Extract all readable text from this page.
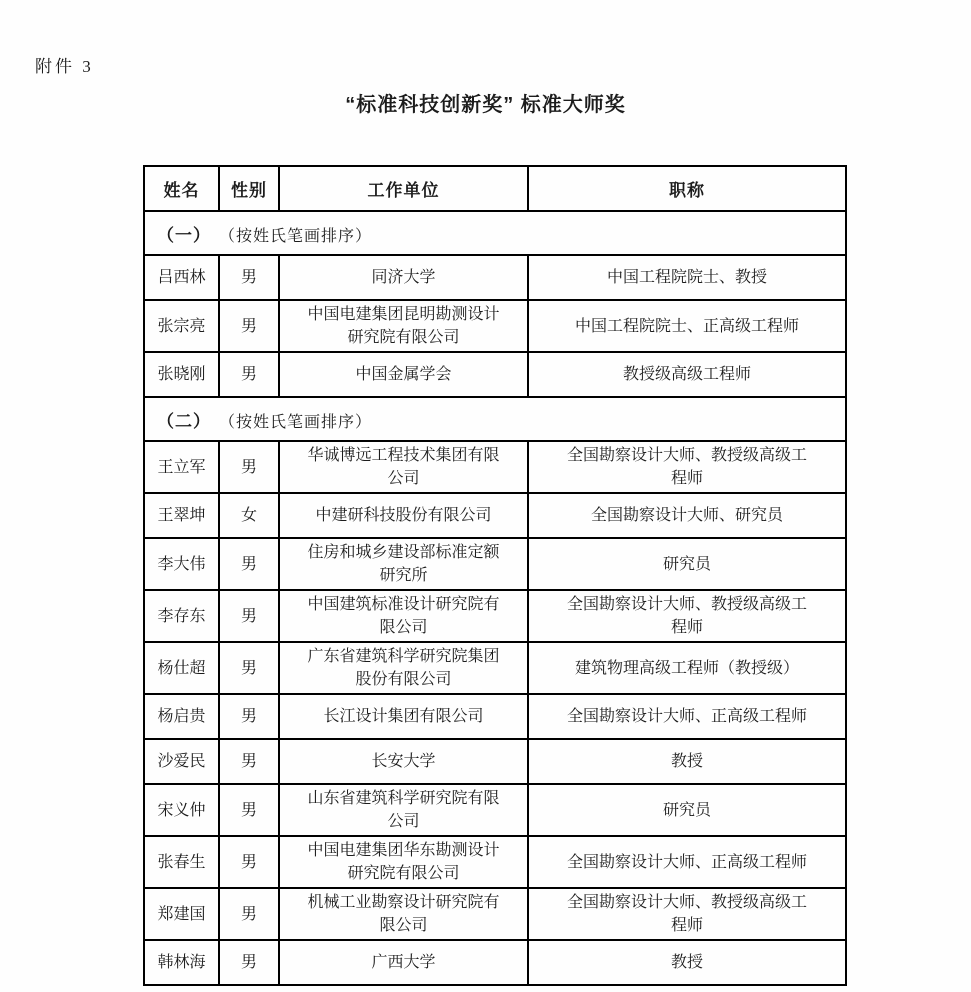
附件 3
“标准科技创新奖” 标准大师奖
姓名	性别	工作单位	职称
（一） （按姓氏笔画排序）			
吕西林	男	同济大学	中国工程院院士、教授
张宗亮	男	中国电建集团昆明勘测设计研究院有限公司	中国工程院院士、正高级工程师
张晓刚	男	中国金属学会	教授级高级工程师
（二） （按姓氏笔画排序）			
王立军	男	华诚博远工程技术集团有限公司	全国勘察设计大师、教授级高级工程师
王翠坤	女	中建研科技股份有限公司	全国勘察设计大师、研究员
李大伟	男	住房和城乡建设部标准定额研究所	研究员
李存东	男	中国建筑标准设计研究院有限公司	全国勘察设计大师、教授级高级工程师
杨仕超	男	广东省建筑科学研究院集团股份有限公司	建筑物理高级工程师（教授级）
杨启贵	男	长江设计集团有限公司	全国勘察设计大师、正高级工程师
沙爱民	男	长安大学	教授
宋义仲	男	山东省建筑科学研究院有限公司	研究员
张春生	男	中国电建集团华东勘测设计研究院有限公司	全国勘察设计大师、正高级工程师
郑建国	男	机械工业勘察设计研究院有限公司	全国勘察设计大师、教授级高级工程师
韩林海	男	广西大学	教授
